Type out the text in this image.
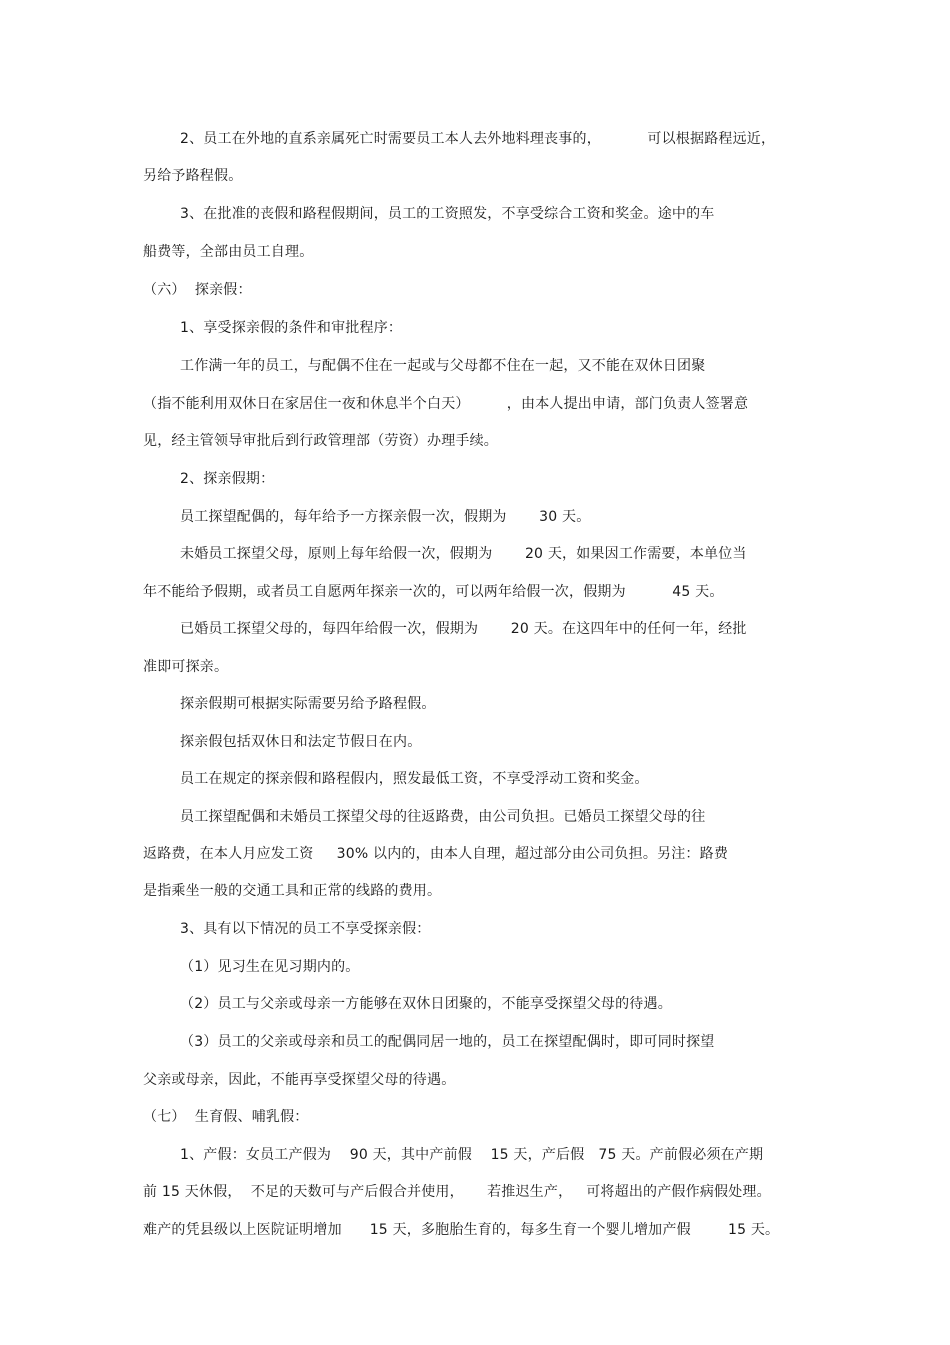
2、员工在外地的直系亲属死亡时需要员工本人去外地料理丧事的，          可以根据路程远近，
另给予路程假。
3、在批准的丧假和路程假期间，员工的工资照发，不享受综合工资和奖金。途中的车
船费等，全部由员工自理。
（六）  探亲假：
1、享受探亲假的条件和审批程序：
工作满一年的员工，与配偶不住在一起或与父母都不住在一起，又不能在双休日团聚
（指不能利用双休日在家居住一夜和休息半个白天）        ，由本人提出申请，部门负责人签署意
见，经主管领导审批后到行政管理部（劳资）办理手续。
2、探亲假期：
员工探望配偶的，每年给予一方探亲假一次，假期为       30 天。
未婚员工探望父母，原则上每年给假一次，假期为       20 天，如果因工作需要，本单位当
年不能给予假期，或者员工自愿两年探亲一次的，可以两年给假一次，假期为          45 天。
已婚员工探望父母的，每四年给假一次，假期为       20 天。在这四年中的任何一年，经批
准即可探亲。
探亲假期可根据实际需要另给予路程假。
探亲假包括双休日和法定节假日在内。
员工在规定的探亲假和路程假内，照发最低工资，不享受浮动工资和奖金。
员工探望配偶和未婚员工探望父母的往返路费，由公司负担。已婚员工探望父母的往
返路费，在本人月应发工资     30% 以内的，由本人自理，超过部分由公司负担。另注：路费
是指乘坐一般的交通工具和正常的线路的费用。
3、具有以下情况的员工不享受探亲假：
（1）见习生在见习期内的。
（2）员工与父亲或母亲一方能够在双休日团聚的，不能享受探望父母的待遇。
（3）员工的父亲或母亲和员工的配偶同居一地的，员工在探望配偶时，即可同时探望
父亲或母亲，因此，不能再享受探望父母的待遇。
（七）  生育假、哺乳假：
1、产假：女员工产假为    90 天，其中产前假    15 天，产后假   75 天。产前假必须在产期
前 15 天休假，  不足的天数可与产后假合并使用，     若推迟生产，   可将超出的产假作病假处理。
难产的凭县级以上医院证明增加      15 天，多胞胎生育的，每多生育一个婴儿增加产假        15 天。
